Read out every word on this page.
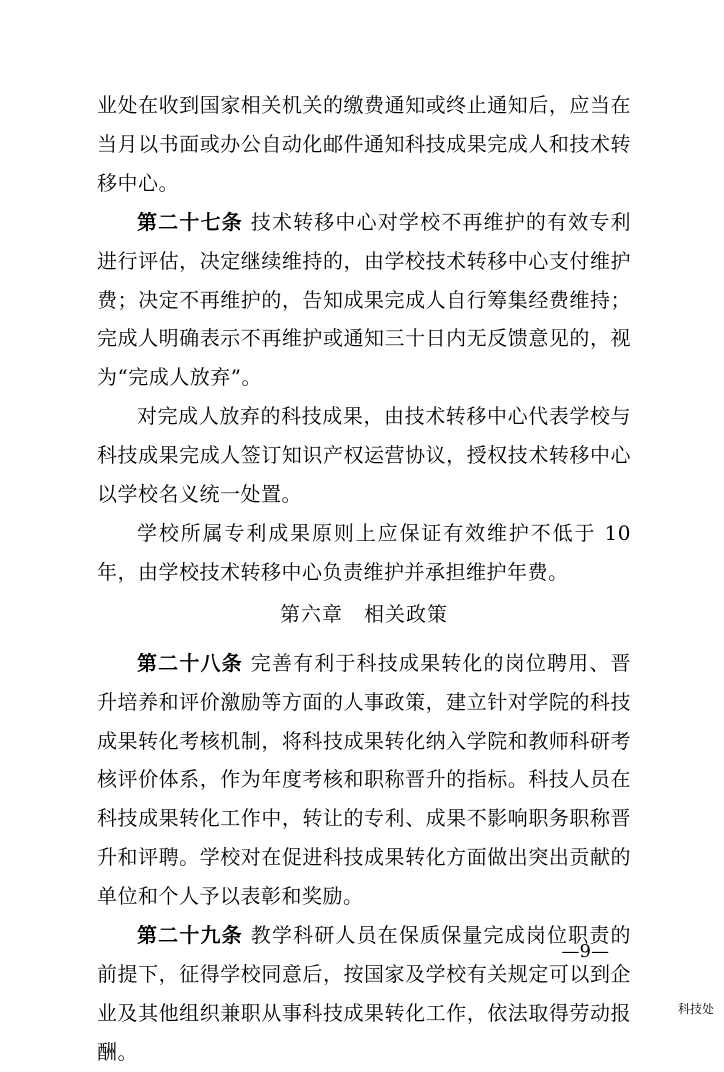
业处在收到国家相关机关的缴费通知或终止通知后，应当在当月以书面或办公自动化邮件通知科技成果完成人和技术转移中心。

第二十七条 技术转移中心对学校不再维护的有效专利进行评估，决定继续维持的，由学校技术转移中心支付维护费；决定不再维护的，告知成果完成人自行筹集经费维持；完成人明确表示不再维护或通知三十日内无反馈意见的，视为“完成人放弃”。

对完成人放弃的科技成果，由技术转移中心代表学校与科技成果完成人签订知识产权运营协议，授权技术转移中心以学校名义统一处置。

学校所属专利成果原则上应保证有效维护不低于 10 年，由学校技术转移中心负责维护并承担维护年费。

第六章　相关政策

第二十八条 完善有利于科技成果转化的岗位聘用、晋升培养和评价激励等方面的人事政策，建立针对学院的科技成果转化考核机制，将科技成果转化纳入学院和教师科研考核评价体系，作为年度考核和职称晋升的指标。科技人员在科技成果转化工作中，转让的专利、成果不影响职务职称晋升和评聘。学校对在促进科技成果转化方面做出突出贡献的单位和个人予以表彰和奖励。

第二十九条 教学科研人员在保质保量完成岗位职责的前提下，征得学校同意后，按国家及学校有关规定可以到企业及其他组织兼职从事科技成果转化工作，依法取得劳动报酬。

—9—
科技处
